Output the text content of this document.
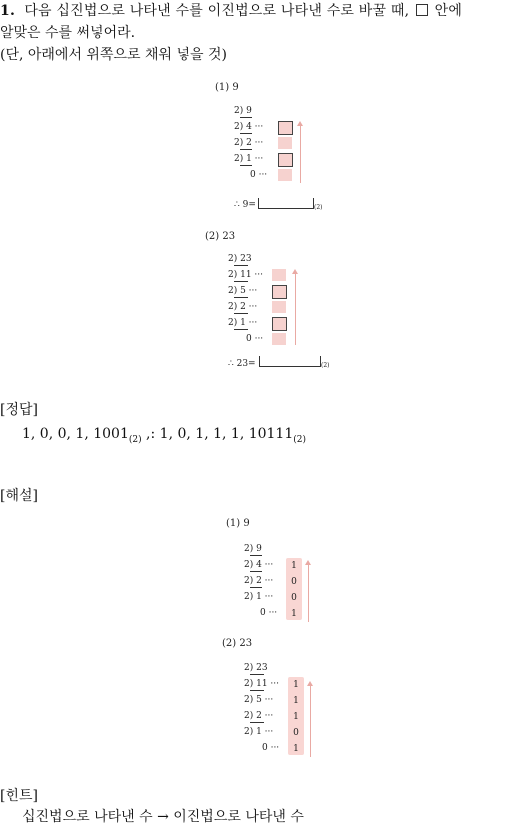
1. 다음 십진법으로 나타낸 수를 이진법으로 나타낸 수로 바꿀 때, 안에
알맞은 수를 써넣어라.
(단, 아래에서 위쪽으로 채워 넣을 것)
(1) 9
2) 9
2) 4 ···
2) 2 ···
2) 1 ···
0 ···
∴ 9=	(2)
(2) 23
2) 23
2) 11 ···
2) 5 ···
2) 2 ···
2) 1 ···
0 ···
∴ 23=	(2)
[정답]
1, 0, 0, 1, $1001_{(2)}$ ,: 1, 0, 1, 1, 1, $10111_{(2)}$
[해설]
(1) 9
2) 9
2) 4 ···
2) 2 ···
2) 1 ···
0 ···
1
0
0
1
(2) 23
2) 23
2) 11 ···
2) 5 ···
2) 2 ···
2) 1 ···
0 ···
1
1
1
0
1
[힌트]
십진법으로 나타낸 수 → 이진법으로 나타낸 수
